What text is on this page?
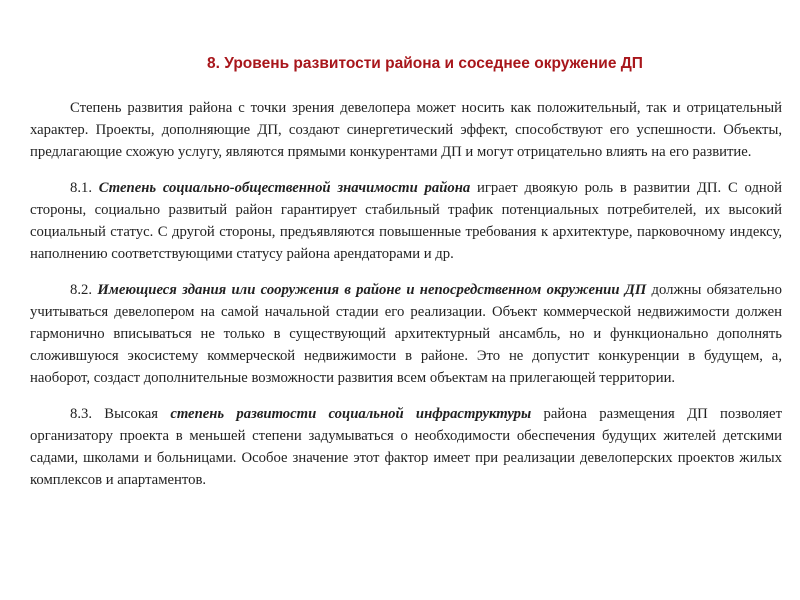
8. Уровень развитости района и соседнее окружение ДП

Степень развития района с точки зрения девелопера может носить как положительный, так и отрицательный характер. Проекты, дополняющие ДП, создают синергетический эффект, способствуют его успешности. Объекты, предлагающие схожую услугу, являются прямыми конкурентами ДП и могут отрицательно влиять на его развитие.

8.1. Степень социально-общественной значимости района играет двоякую роль в развитии ДП. С одной стороны, социально развитый район гарантирует стабильный трафик потенциальных потребителей, их высокий социальный статус. С другой стороны, предъявляются повышенные требования к архитектуре, парковочному индексу, наполнению соответствующими статусу района арендаторами и др.

8.2. Имеющиеся здания или сооружения в районе и непосредственном окружении ДП должны обязательно учитываться девелопером на самой начальной стадии его реализации. Объект коммерческой недвижимости должен гармонично вписываться не только в существующий архитектурный ансамбль, но и функционально дополнять сложившуюся экосистему коммерческой недвижимости в районе. Это не допустит конкуренции в будущем, а, наоборот, создаст дополнительные возможности развития всем объектам на прилегающей территории.

8.3. Высокая степень развитости социальной инфраструктуры района размещения ДП позволяет организатору проекта в меньшей степени задумываться о необходимости обеспечения будущих жителей детскими садами, школами и больницами. Особое значение этот фактор имеет при реализации девелоперских проектов жилых комплексов и апартаментов.
